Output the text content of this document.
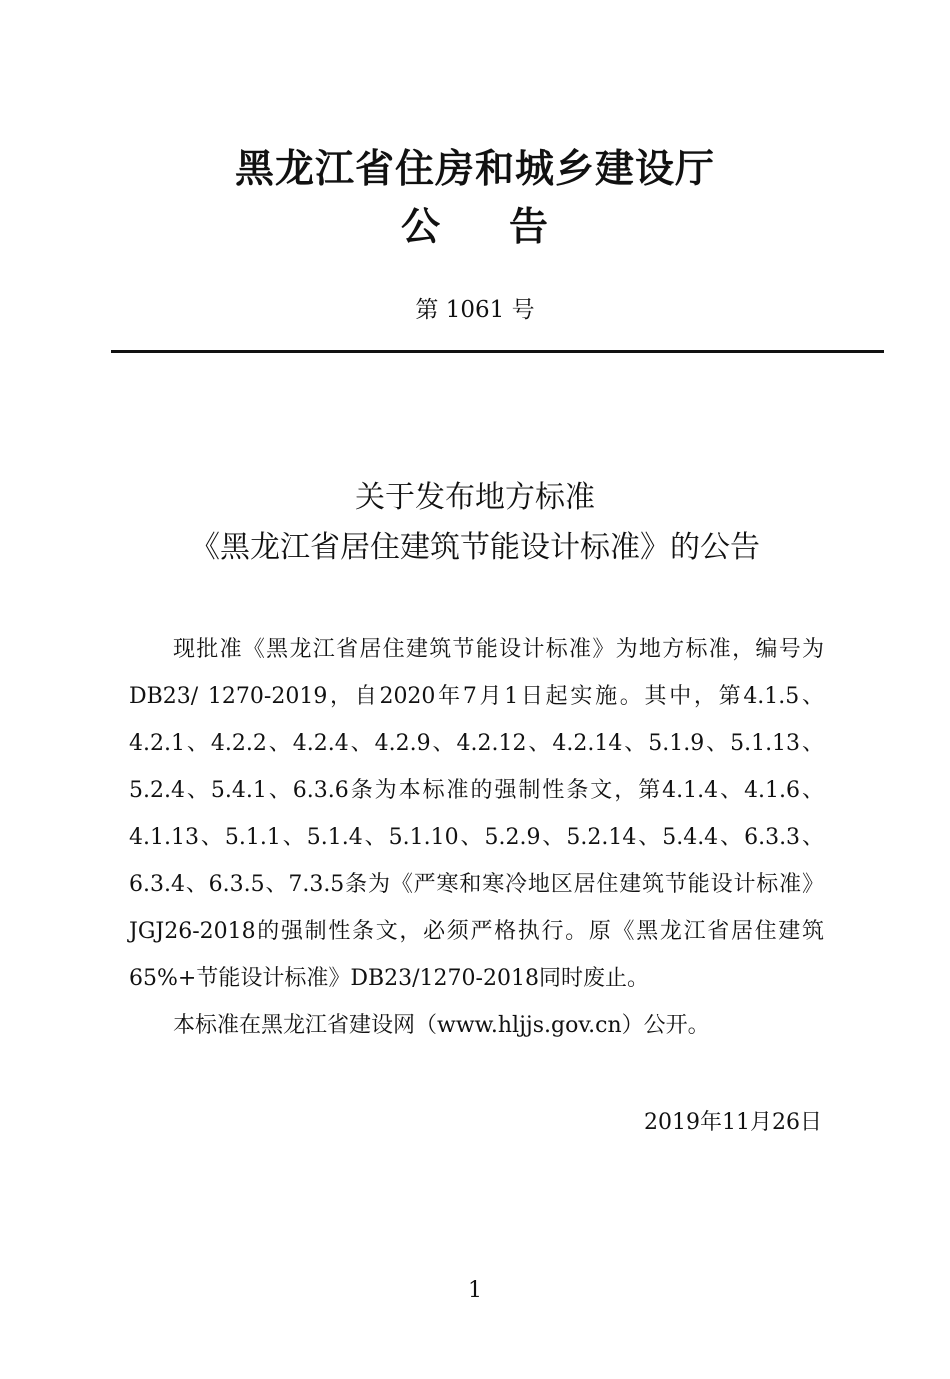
黑龙江省住房和城乡建设厅
公 告
第 1061 号
关于发布地方标准
《黑龙江省居住建筑节能设计标准》的公告

现批准《黑龙江省居住建筑节能设计标准》为地方标准，编号为DB23/ 1270-2019，自2020年7月1日起实施。其中，第4.1.5、4.2.1、4.2.2、4.2.4、4.2.9、4.2.12、4.2.14、5.1.9、5.1.13、5.2.4、5.4.1、6.3.6条为本标准的强制性条文，第4.1.4、4.1.6、4.1.13、5.1.1、5.1.4、5.1.10、5.2.9、5.2.14、5.4.4、6.3.3、6.3.4、6.3.5、7.3.5条为《严寒和寒冷地区居住建筑节能设计标准》JGJ26-2018的强制性条文，必须严格执行。原《黑龙江省居住建筑65%+节能设计标准》DB23/1270-2018同时废止。

本标准在黑龙江省建设网（www.hljjs.gov.cn）公开。

2019年11月26日
1
